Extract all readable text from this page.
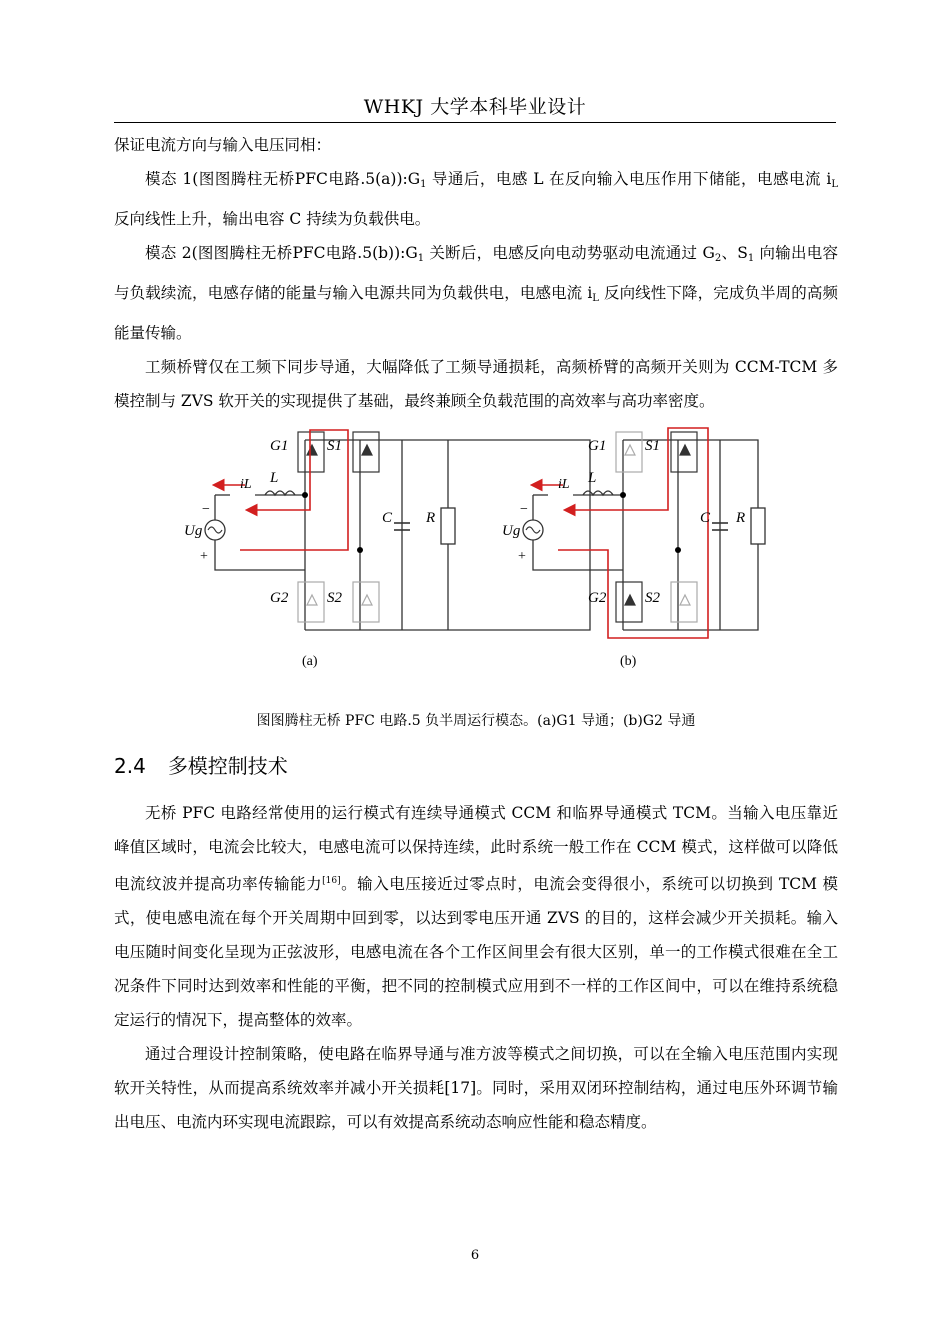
WHKJ 大学本科毕业设计

保证电流方向与输入电压同相：

模态 1(图图腾柱无桥PFC电路$.5(a)):G_1$ 导通后，电感 L 在反向输入电压作用下储能，电感电流 $i_L$ 反向线性上升，输出电容 C 持续为负载供电。

模态 2(图图腾柱无桥PFC电路$.5(b)):G_1$ 关断后，电感反向电动势驱动电流通过 $G_2$、$S_1$ 向输出电容与负载续流，电感存储的能量与输入电源共同为负载供电，电感电流 $i_L$ 反向线性下降，完成负半周的高频能量传输。

工频桥臂仅在工频下同步导通，大幅降低了工频导通损耗，高频桥臂的高频开关则为 CCM-TCM 多模控制与 ZVS 软开关的实现提供了基础，最终兼顾全负载范围的高效率与高功率密度。

G1	S1
G2	S2
L
iL
Ug
C R
−
+
(a)
G1	S1
G2	S2
L
iL
Ug
C R
−
+
(b)
图图腾柱无桥 PFC 电路.5 负半周运行模态。(a)G1 导通；(b)G2 导通
2.4 多模控制技术

无桥 PFC 电路经常使用的运行模式有连续导通模式 CCM 和临界导通模式 TCM。当输入电压靠近峰值区域时，电流会比较大，电感电流可以保持连续，此时系统一般工作在 CCM 模式，这样做可以降低电流纹波并提高功率传输能力[16]。输入电压接近过零点时，电流会变得很小，系统可以切换到 TCM 模式，使电感电流在每个开关周期中回到零，以达到零电压开通 ZVS 的目的，这样会减少开关损耗。输入电压随时间变化呈现为正弦波形，电感电流在各个工作区间里会有很大区别，单一的工作模式很难在全工况条件下同时达到效率和性能的平衡，把不同的控制模式应用到不一样的工作区间中，可以在维持系统稳定运行的情况下，提高整体的效率。

通过合理设计控制策略，使电路在临界导通与准方波等模式之间切换，可以在全输入电压范围内实现软开关特性，从而提高系统效率并减小开关损耗[17]。同时，采用双闭环控制结构，通过电压外环调节输出电压、电流内环实现电流跟踪，可以有效提高系统动态响应性能和稳态精度。

6
